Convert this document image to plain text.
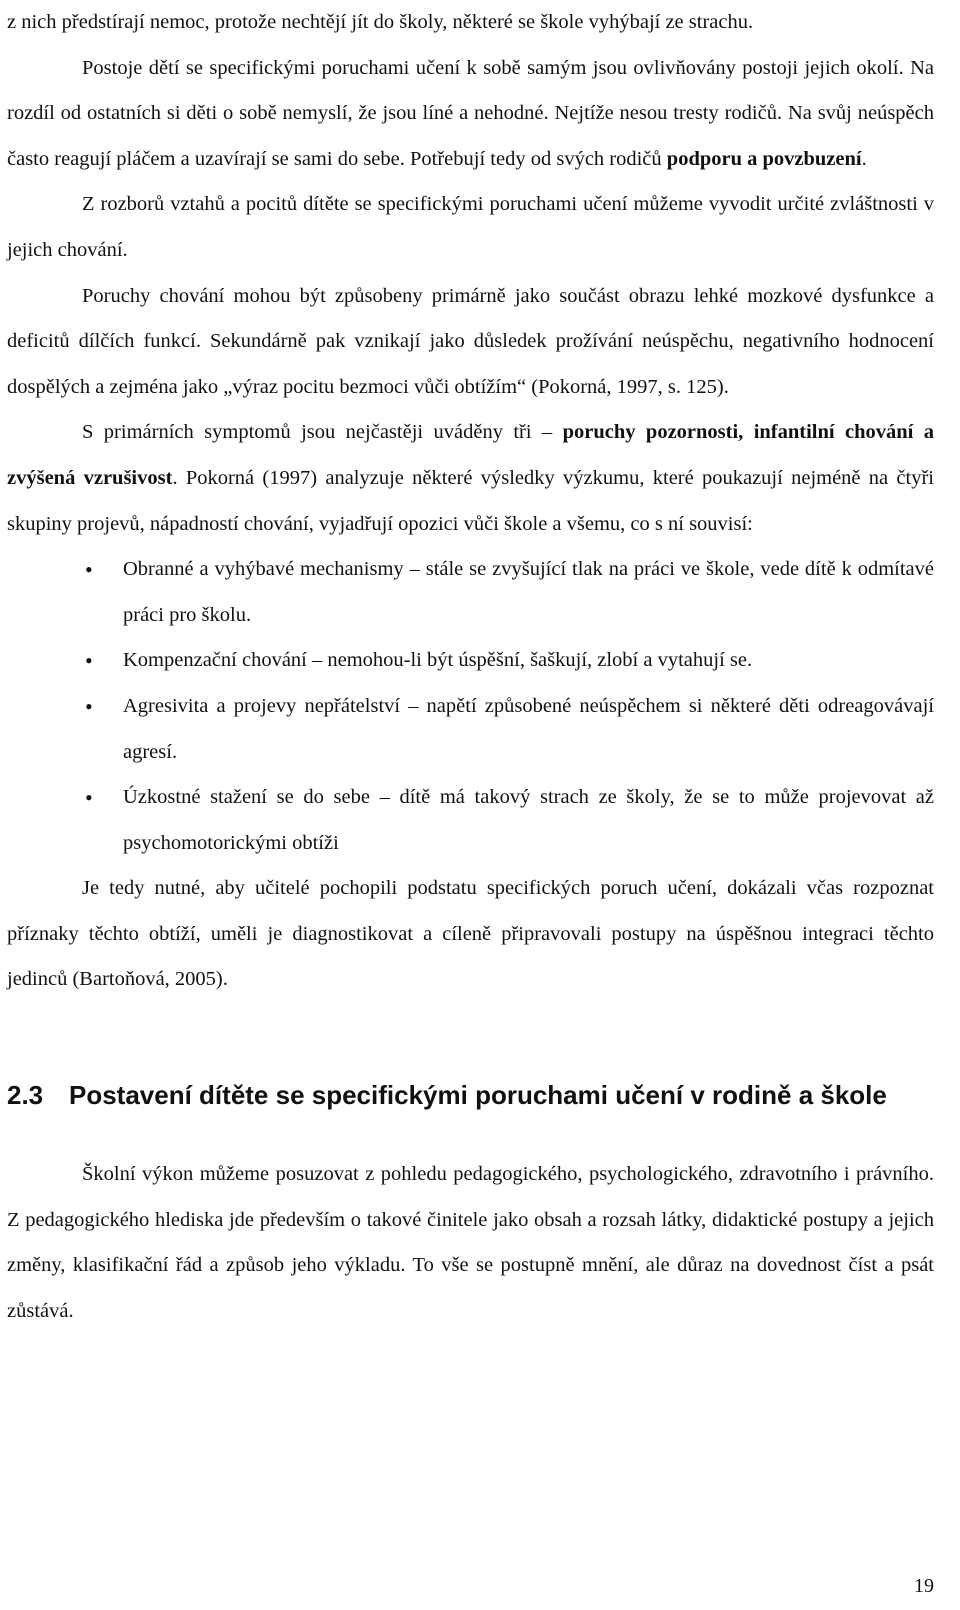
z nich předstírají nemoc, protože nechtějí jít do školy, některé se škole vyhýbají ze strachu.

Postoje dětí se specifickými poruchami učení k sobě samým jsou ovlivňovány postoji jejich okolí. Na rozdíl od ostatních si děti o sobě nemyslí, že jsou líné a nehodné. Nejtíže nesou tresty rodičů. Na svůj neúspěch často reagují pláčem a uzavírají se sami do sebe. Potřebují tedy od svých rodičů podporu a povzbuzení.

Z rozborů vztahů a pocitů dítěte se specifickými poruchami učení můžeme vyvodit určité zvláštnosti v jejich chování.

Poruchy chování mohou být způsobeny primárně jako součást obrazu lehké mozkové dysfunkce a deficitů dílčích funkcí. Sekundárně pak vznikají jako důsledek prožívání neúspěchu, negativního hodnocení dospělých a zejména jako „výraz pocitu bezmoci vůči obtížím“ (Pokorná, 1997, s. 125).

S primárních symptomů jsou nejčastěji uváděny tři – poruchy pozornosti, infantilní chování a zvýšená vzrušivost. Pokorná (1997) analyzuje některé výsledky výzkumu, které poukazují nejméně na čtyři skupiny projevů, nápadností chování, vyjadřují opozici vůči škole a všemu, co s ní souvisí:

• Obranné a vyhýbavé mechanismy – stále se zvyšující tlak na práci ve škole, vede dítě k odmítavé práci pro školu.
• Kompenzační chování – nemohou-li být úspěšní, šaškují, zlobí a vytahují se.
• Agresivita a projevy nepřátelství – napětí způsobené neúspěchem si některé děti odreagovávají agresí.
• Úzkostné stažení se do sebe – dítě má takový strach ze školy, že se to může projevovat až psychomotorickými obtíži

Je tedy nutné, aby učitelé pochopili podstatu specifických poruch učení, dokázali včas rozpoznat příznaky těchto obtíží, uměli je diagnostikovat a cíleně připravovali postupy na úspěšnou integraci těchto jedinců (Bartoňová, 2005).

2.3 Postavení dítěte se specifickými poruchami učení v rodině a škole

Školní výkon můžeme posuzovat z pohledu pedagogického, psychologického, zdravotního i právního. Z pedagogického hlediska jde především o takové činitele jako obsah a rozsah látky, didaktické postupy a jejich změny, klasifikační řád a způsob jeho výkladu. To vše se postupně mnění, ale důraz na dovednost číst a psát zůstává.

19
